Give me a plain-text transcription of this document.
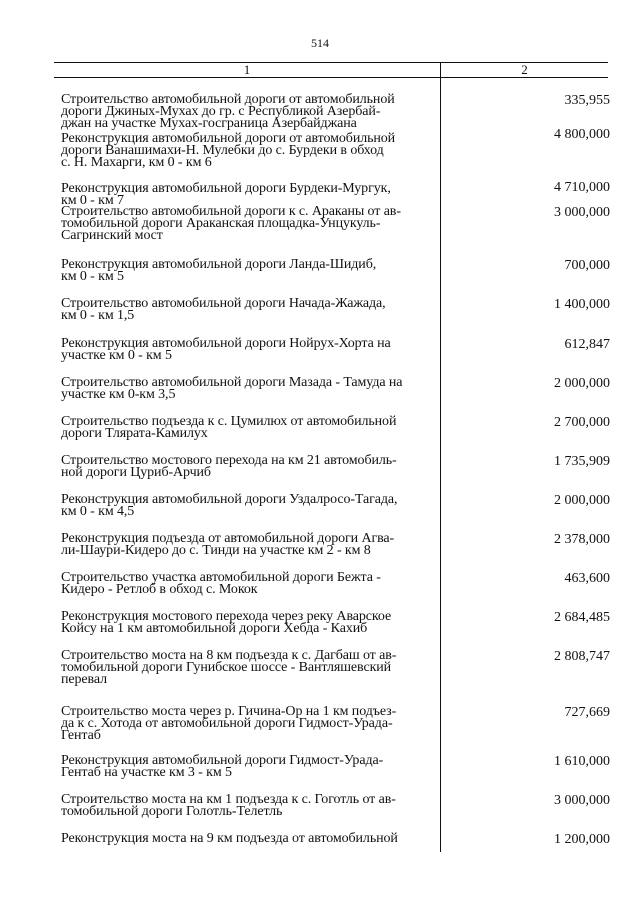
514
1	2
Строительство автомобильной дороги от автомобильной
дороги Джиных-Мухах до гр. с Республикой Азербай-
джан на участке Мухах-госграница Азербайджана
335,955
Реконструкция автомобильной дороги от автомобильной
дороги Ванашимахи-Н. Мулебки до с. Бурдеки в обход
с. Н. Махарги, км 0 - км 6
4 800,000
Реконструкция автомобильной дороги Бурдеки-Мургук,
км 0 - км 7
4 710,000
Строительство автомобильной дороги к с. Араканы от ав-
томобильной дороги Араканская площадка-Унцукуль-
Сагринский мост
3 000,000
Реконструкция автомобильной дороги Ланда-Шидиб,
км 0 - км 5
700,000
Строительство автомобильной дороги Начада-Жажада,
км 0 - км 1,5
1 400,000
Реконструкция автомобильной дороги Нойрух-Хорта на
участке км 0 - км 5
612,847
Строительство автомобильной дороги Мазада - Тамуда на
участке км 0-км 3,5
2 000,000
Строительство подъезда к с. Цумилюх от автомобильной
дороги Тлярата-Камилух
2 700,000
Строительство мостового перехода на км 21 автомобиль-
ной дороги Цуриб-Арчиб
1 735,909
Реконструкция автомобильной дороги Уздалросо-Тагада,
км 0 - км 4,5
2 000,000
Реконструкция подъезда от автомобильной дороги Агва-
ли-Шаури-Кидеро до с. Тинди на участке км 2 - км 8
2 378,000
Строительство участка автомобильной дороги Бежта -
Кидеро - Ретлоб в обход с. Мокок
463,600
Реконструкция мостового перехода через реку Аварское
Койсу на 1 км автомобильной дороги Хебда - Кахиб
2 684,485
Строительство моста на 8 км подъезда к с. Дагбаш от ав-
томобильной дороги Гунибское шоссе - Вантляшевский
перевал
2 808,747
Строительство моста через р. Гичина-Ор на 1 км подъез-
да к с. Хотода от автомобильной дороги Гидмост-Урада-
Гентаб
727,669
Реконструкция автомобильной дороги Гидмост-Урада-
Гентаб на участке км 3 - км 5
1 610,000
Строительство моста на км 1 подъезда к с. Гоготль от ав-
томобильной дороги Голотль-Телетль
3 000,000
Реконструкция моста на 9 км подъезда от автомобильной	1 200,000
